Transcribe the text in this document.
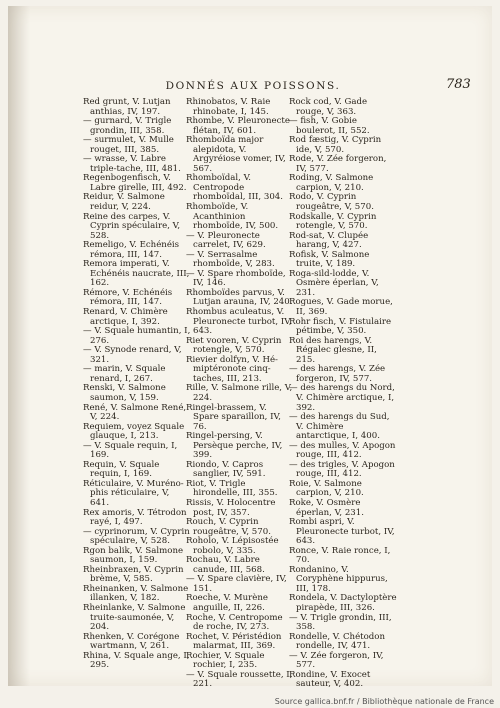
DONNÉS AUX POISSONS.	783

Red grunt, V. Lutjan anthias, IV, 197.

— gurnard, V. Trigle grondin, III, 358.

— surmulet, V. Mulle rouget, III, 385.

— wrasse, V. Labre triple-tache, III, 481.

Regenbogenfisch, V. Labre girelle, III, 492.

Reidur, V. Salmone reidur, V, 224.

Reine des carpes, V. Cyprin spéculaire, V, 528.

Remeligo, V. Echénéis rémora, III, 147.

Remora imperati, V. Echénéis naucrate, III, 162.

Rémore, V. Echénéis rémora, III, 147.

Renard, V. Chimère arctique, I, 392.

— V. Squale humantin, I, 276.

— V. Synode renard, V, 321.

— marin, V. Squale renard, I, 267.

Renski, V. Salmone saumon, V, 159.

René, V. Salmone René, V, 224.

Requiem, voyez Squale glauque, I, 213.

— V. Squale requin, I, 169.

Requin, V. Squale requin, I, 169.

Réticulaire, V. Muréno-phis réticulaire, V, 641.

Rex amoris, V. Tétrodon rayé, I, 497.

— cyprinorum, V. Cyprin spéculaire, V, 528.

Rgon balik, V. Salmone saumon, I, 159.

Rheinbraxen, V. Cyprin brème, V, 585.

Rheinanken, V. Salmone illanken, V, 182.

Rheinlanke, V. Salmone truite-saumonée, V, 204.

Rhenken, V. Corégone wartmann, V, 261.

Rhina, V. Squale ange, I, 295.

Rhinobatos, V. Raie rhinobate, I, 145.

Rhombe, V. Pleuronecte flétan, IV, 601.

Rhomboïda major alepidota, V. Argyréiose vomer, IV, 567.

Rhomboïdal, V. Centropode rhomboïdal, III, 304.

Rhomboïde, V. Acanthinion rhomboïde, IV, 500.

— V. Pleuronecte carrelet, IV, 629.

— V. Serrasalme rhomboïde, V, 283.

— V. Spare rhomboïde, IV, 146.

Rhomboïdes parvus, V. Lutjan arauna, IV, 240.

Rhombus aculeatus, V. Pleuronecte turbot, IV, 643.

Riet vooren, V. Cyprin rotengle, V, 570.

Rievier dolfyn, V. Hé-miptéronote cinq-taches, III, 213.

Rille, V. Salmone rille, V, 224.

Ringel-brassem, V. Spare sparaillon, IV, 76.

Ringel-persing, V. Persèque perche, IV, 399.

Riondo, V. Capros sanglier, IV, 591.

Riot, V. Trigle hirondelle, III, 355.

Rissis, V. Holocentre post, IV, 357.

Rouch, V. Cyprin rougeâtre, V, 570.

Roholo, V. Lépisostée robolo, V, 335.

Rochau, V. Labre canude, III, 568.

— V. Spare clavière, IV, 151.

Roeche, V. Murène anguille, II, 226.

Roche, V. Centropome de roche, IV, 273.

Rochet, V. Péristédion malarmat, III, 369.

Rochier, V. Squale rochier, I, 235.

— V. Squale roussette, I, 221.

Rock cod, V. Gade rouge, V, 363.

— fish, V. Gobie boulerot, II, 552.

Rod fæstig, V. Cyprin ide, V, 570.

Rode, V. Zée forgeron, IV, 577.

Roding, V. Salmone carpion, V, 210.

Rodo, V. Cyprin rougeâtre, V, 570.

Rodskalle, V. Cyprin rotengle, V, 570.

Rod-sat, V. Clupée harang, V, 427.

Rofisk, V. Salmone truite, V, 189.

Roga-sild-lodde, V. Osmère éperlan, V, 231.

Rogues, V. Gade morue, II, 369.

Rohr fisch, V. Fistulaire pétimbe, V, 350.

Roi des harengs, V. Régalec glesne, II, 215.

— des harengs, V. Zée forgeron, IV, 577.

— des harengs du Nord, V. Chimère arctique, I, 392.

— des harengs du Sud, V. Chimère antarctique, I, 400.

— des mulles, V. Apogon rouge, III, 412.

— des trigles, V. Apogon rouge, III, 412.

Roie, V. Salmone carpion, V, 210.

Roke, V. Osmère éperlan, V, 231.

Rombi aspri, V. Pleuronecte turbot, IV, 643.

Ronce, V. Raie ronce, I, 70.

Rondanino, V. Coryphène hippurus, III, 178.

Rondela, V. Dactyloptère pirapède, III, 326.

— V. Trigle grondin, III, 358.

Rondelle, V. Chétodon rondelle, IV, 471.

— V. Zée forgeron, IV, 577.

Rondine, V. Exocet sauteur, V, 402.

Source gallica.bnf.fr / Bibliothèque nationale de France
